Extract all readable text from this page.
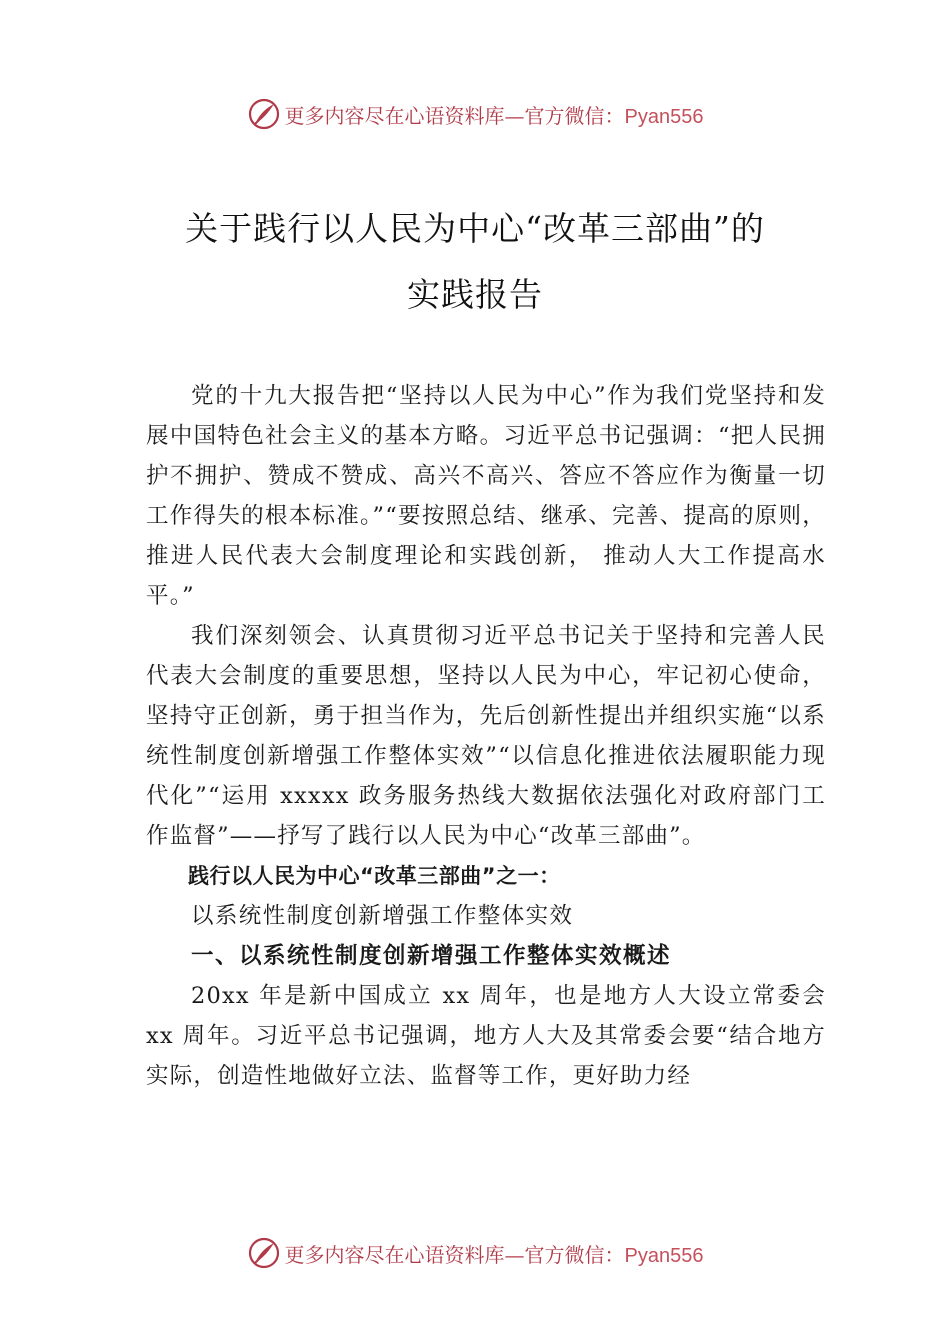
更多内容尽在心语资料库—官方微信：Pyan556
关于践行以人民为中心“改革三部曲”的
实践报告

党的十九大报告把“坚持以人民为中心”作为我们党坚持和发展中国特色社会主义的基本方略。习近平总书记强调：“把人民拥护不拥护、赞成不赞成、高兴不高兴、答应不答应作为衡量一切工作得失的根本标准。”“要按照总结、继承、完善、提高的原则，推进人民代表大会制度理论和实践创新， 推动人大工作提高水平。”

我们深刻领会、认真贯彻习近平总书记关于坚持和完善人民代表大会制度的重要思想，坚持以人民为中心，牢记初心使命，坚持守正创新，勇于担当作为，先后创新性提出并组织实施“以系统性制度创新增强工作整体实效”“以信息化推进依法履职能力现代化”“运用 xxxxx 政务服务热线大数据依法强化对政府部门工作监督”——抒写了践行以人民为中心“改革三部曲”。

践行以人民为中心“改革三部曲”之一：

以系统性制度创新增强工作整体实效

一、以系统性制度创新增强工作整体实效概述

20xx 年是新中国成立 xx 周年，也是地方人大设立常委会 xx 周年。习近平总书记强调，地方人大及其常委会要“结合地方实际，创造性地做好立法、监督等工作，更好助力经

更多内容尽在心语资料库—官方微信：Pyan556
